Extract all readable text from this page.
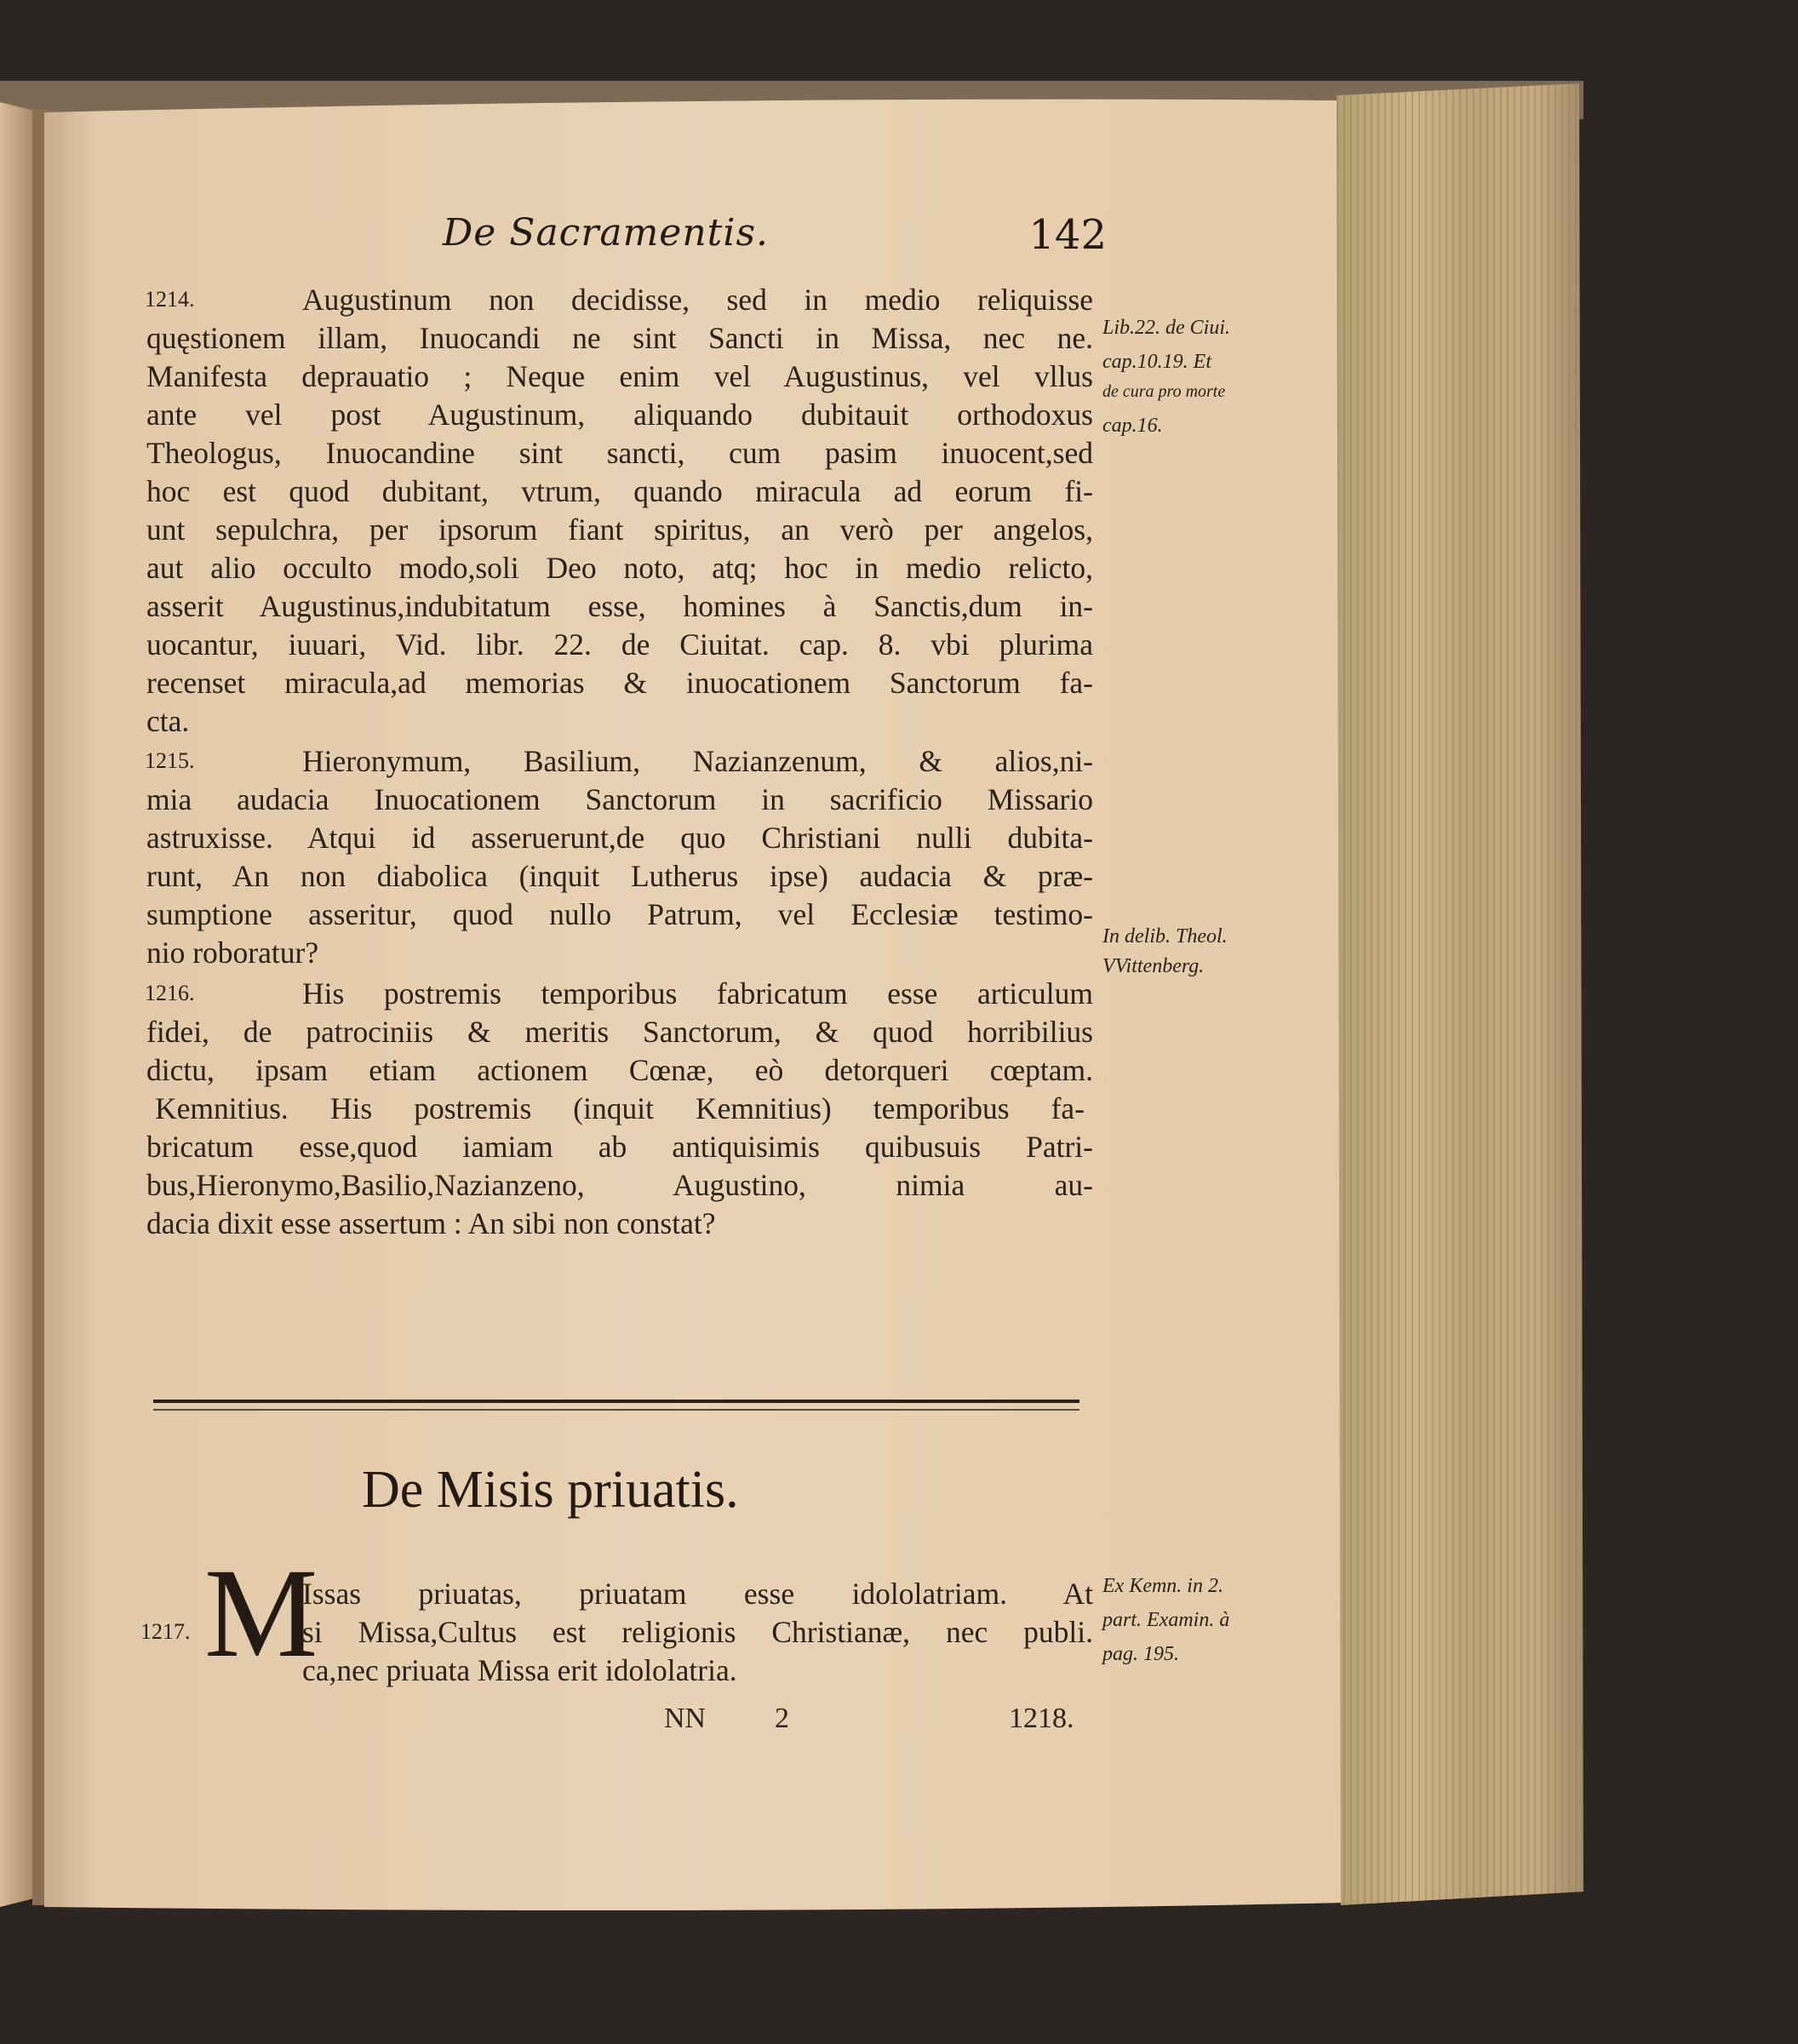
De Sacramentis.	142
Augustinum non decidisse, sed in medio reliquisse
quęstionem illam, Inuocandi ne sint Sancti in Missa, nec ne.
Manifesta deprauatio ; Neque enim vel Augustinus, vel vllus
ante vel post Augustinum, aliquando dubitauit orthodoxus
Theologus, Inuocandine sint sancti, cum pasim inuocent,sed
hoc est quod dubitant, vtrum, quando miracula ad eorum fi-
unt sepulchra, per ipsorum fiant spiritus, an verò per angelos,
aut alio occulto modo,soli Deo noto, atq; hoc in medio relicto,
asserit Augustinus,indubitatum esse, homines à Sanctis,dum in-
uocantur, iuuari, Vid. libr. 22. de Ciuitat. cap. 8. vbi plurima
recenset miracula,ad memorias & inuocationem Sanctorum fa-
cta.
Hieronymum, Basilium, Nazianzenum, & alios,ni-
mia audacia Inuocationem Sanctorum in sacrificio Missario
astruxisse. Atqui id asseruerunt,de quo Christiani nulli dubita-
runt, An non diabolica (inquit Lutherus ipse) audacia & præ-
sumptione asseritur, quod nullo Patrum, vel Ecclesiæ testimo-
nio roboratur?
His postremis temporibus fabricatum esse articulum
fidei, de patrociniis & meritis Sanctorum, & quod horribilius
dictu, ipsam etiam actionem Cœnæ, eò detorqueri cœptam.
Kemnitius. His postremis (inquit Kemnitius) temporibus fa-
bricatum esse,quod iamiam ab antiquisimis quibusuis Patri-
bus,Hieronymo,Basilio,Nazianzeno, Augustino, nimia au-
dacia dixit esse assertum : An sibi non constat?
1214.
1215.
1216.
Lib.22. de Ciui.
cap.10.19. Et
de cura pro morte
cap.16.
In delib. Theol.
VVittenberg.
Ex Kemn. in 2.
part. Examin. à
pag. 195.
De Misis priuatis.
M
1217.
Issas priuatas, priuatam esse idololatriam. At
si Missa,Cultus est religionis Christianæ, nec publi.
ca,nec priuata Missa erit idololatria.
NN 2	1218.
